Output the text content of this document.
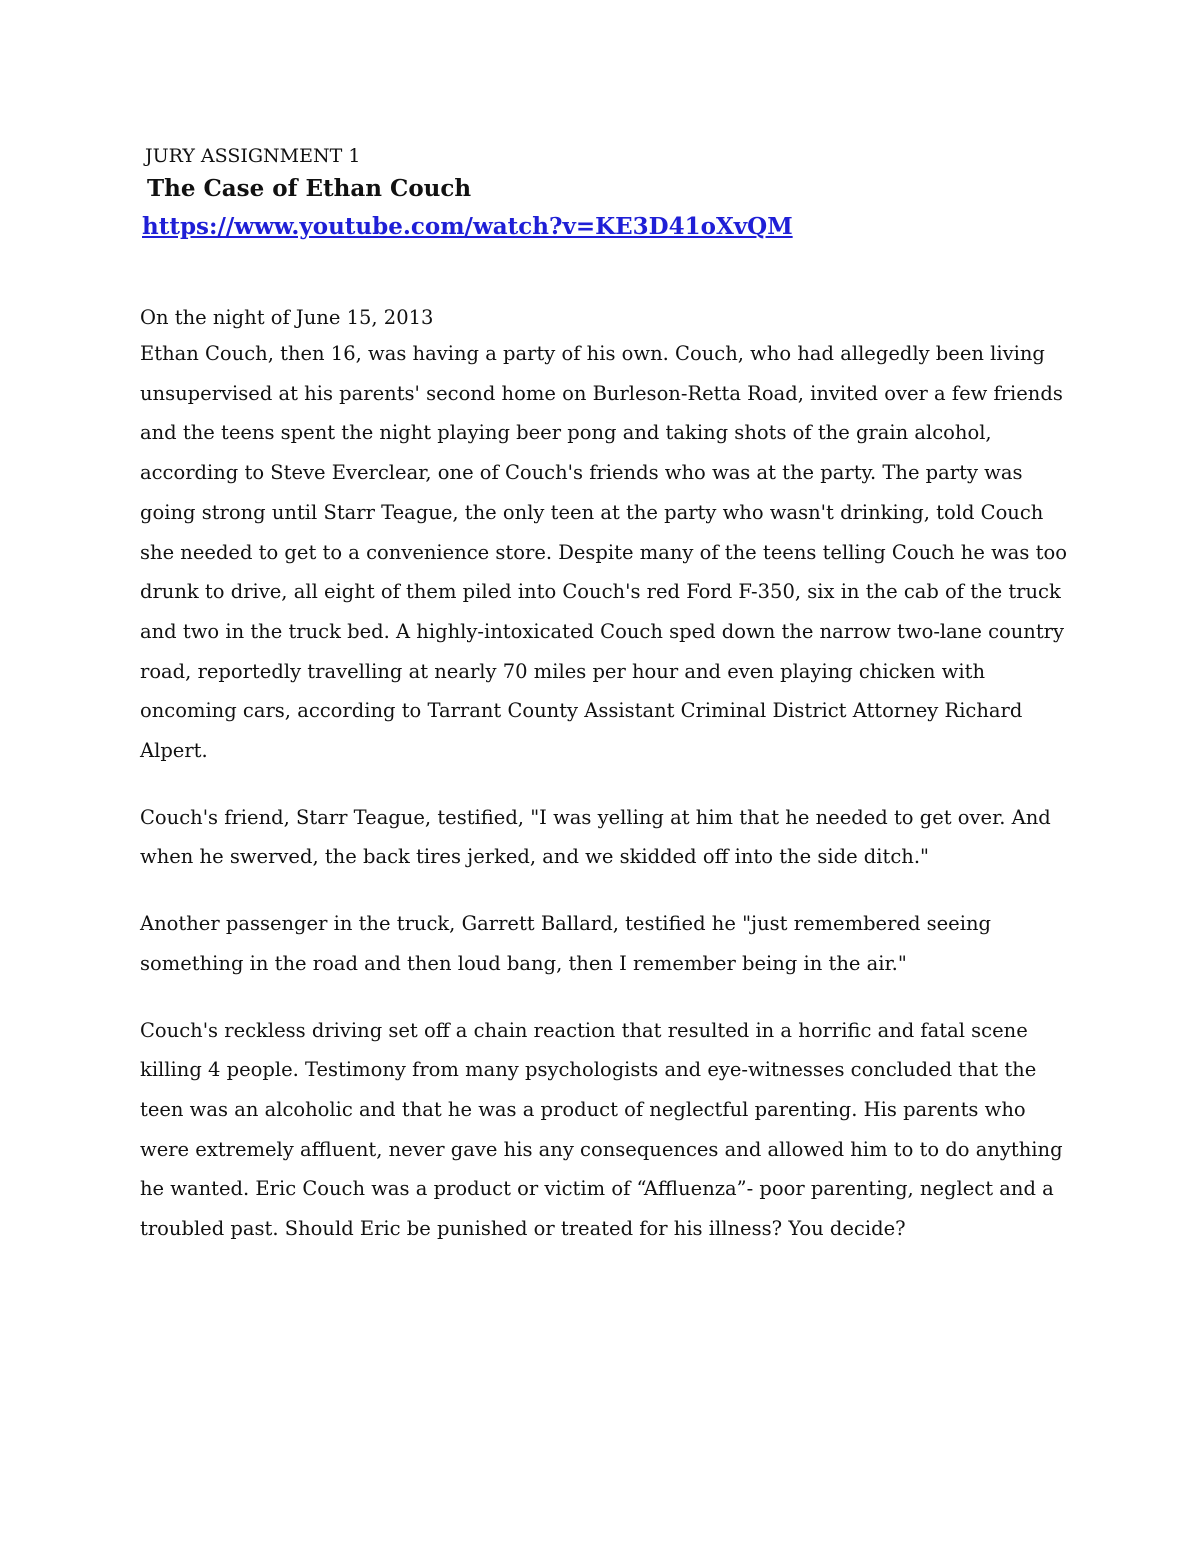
JURY ASSIGNMENT 1
The Case of Ethan Couch
https://www.youtube.com/watch?v=KE3D41oXvQM
On the night of June 15, 2013

Ethan Couch, then 16, was having a party of his own. Couch, who had allegedly been living unsupervised at his parents' second home on Burleson-Retta Road, invited over a few friends and the teens spent the night playing beer pong and taking shots of the grain alcohol, according to Steve Everclear, one of Couch's friends who was at the party. The party was going strong until Starr Teague, the only teen at the party who wasn't drinking, told Couch she needed to get to a convenience store. Despite many of the teens telling Couch he was too drunk to drive, all eight of them piled into Couch's red Ford F-350, six in the cab of the truck and two in the truck bed. A highly-intoxicated Couch sped down the narrow two-lane country road, reportedly travelling at nearly 70 miles per hour and even playing chicken with oncoming cars, according to Tarrant County Assistant Criminal District Attorney Richard Alpert.

Couch's friend, Starr Teague, testified, "I was yelling at him that he needed to get over. And when he swerved, the back tires jerked, and we skidded off into the side ditch."

Another passenger in the truck, Garrett Ballard, testified he "just remembered seeing something in the road and then loud bang, then I remember being in the air."

Couch's reckless driving set off a chain reaction that resulted in a horrific and fatal scene killing 4 people. Testimony from many psychologists and eye-witnesses concluded that the teen was an alcoholic and that he was a product of neglectful parenting. His parents who were extremely affluent, never gave his any consequences and allowed him to to do anything he wanted. Eric Couch was a product or victim of “Affluenza”- poor parenting, neglect and a troubled past. Should Eric be punished or treated for his illness? You decide?
